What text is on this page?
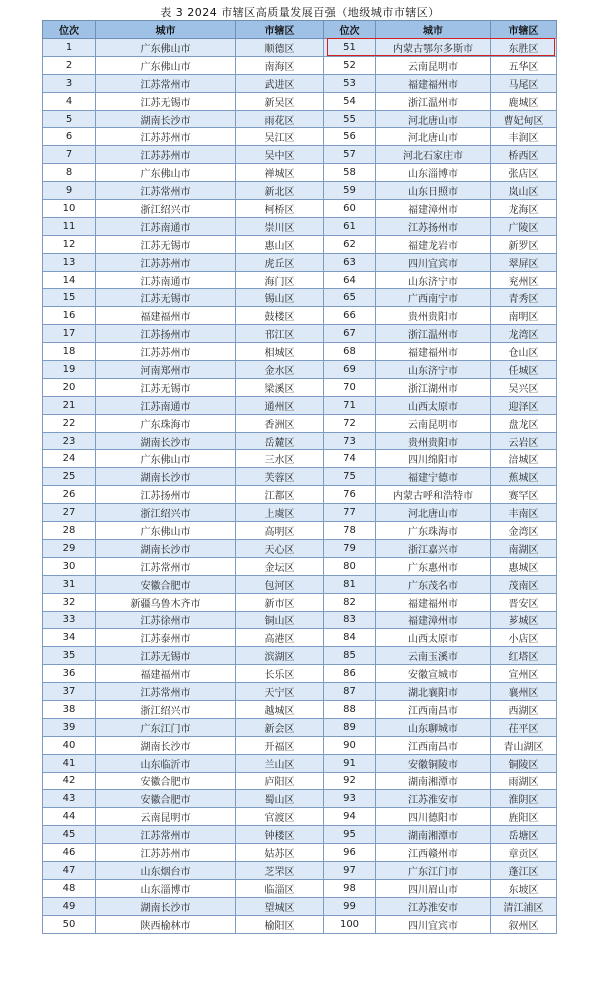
表 3 2024 市辖区高质量发展百强（地级城市市辖区）
位次	城市	市辖区	位次	城市	市辖区
1	广东佛山市	顺德区	51	内蒙古鄂尔多斯市	东胜区
2	广东佛山市	南海区	52	云南昆明市	五华区
3	江苏常州市	武进区	53	福建福州市	马尾区
4	江苏无锡市	新吴区	54	浙江温州市	鹿城区
5	湖南长沙市	雨花区	55	河北唐山市	曹妃甸区
6	江苏苏州市	吴江区	56	河北唐山市	丰润区
7	江苏苏州市	吴中区	57	河北石家庄市	桥西区
8	广东佛山市	禅城区	58	山东淄博市	张店区
9	江苏常州市	新北区	59	山东日照市	岚山区
10	浙江绍兴市	柯桥区	60	福建漳州市	龙海区
11	江苏南通市	崇川区	61	江苏扬州市	广陵区
12	江苏无锡市	惠山区	62	福建龙岩市	新罗区
13	江苏苏州市	虎丘区	63	四川宜宾市	翠屏区
14	江苏南通市	海门区	64	山东济宁市	兖州区
15	江苏无锡市	锡山区	65	广西南宁市	青秀区
16	福建福州市	鼓楼区	66	贵州贵阳市	南明区
17	江苏扬州市	邗江区	67	浙江温州市	龙湾区
18	江苏苏州市	相城区	68	福建福州市	仓山区
19	河南郑州市	金水区	69	山东济宁市	任城区
20	江苏无锡市	梁溪区	70	浙江湖州市	吴兴区
21	江苏南通市	通州区	71	山西太原市	迎泽区
22	广东珠海市	香洲区	72	云南昆明市	盘龙区
23	湖南长沙市	岳麓区	73	贵州贵阳市	云岩区
24	广东佛山市	三水区	74	四川绵阳市	涪城区
25	湖南长沙市	芙蓉区	75	福建宁德市	蕉城区
26	江苏扬州市	江都区	76	内蒙古呼和浩特市	赛罕区
27	浙江绍兴市	上虞区	77	河北唐山市	丰南区
28	广东佛山市	高明区	78	广东珠海市	金湾区
29	湖南长沙市	天心区	79	浙江嘉兴市	南湖区
30	江苏常州市	金坛区	80	广东惠州市	惠城区
31	安徽合肥市	包河区	81	广东茂名市	茂南区
32	新疆乌鲁木齐市	新市区	82	福建福州市	晋安区
33	江苏徐州市	铜山区	83	福建漳州市	芗城区
34	江苏泰州市	高港区	84	山西太原市	小店区
35	江苏无锡市	滨湖区	85	云南玉溪市	红塔区
36	福建福州市	长乐区	86	安徽宣城市	宣州区
37	江苏常州市	天宁区	87	湖北襄阳市	襄州区
38	浙江绍兴市	越城区	88	江西南昌市	西湖区
39	广东江门市	新会区	89	山东聊城市	茌平区
40	湖南长沙市	开福区	90	江西南昌市	青山湖区
41	山东临沂市	兰山区	91	安徽铜陵市	铜陵区
42	安徽合肥市	庐阳区	92	湖南湘潭市	雨湖区
43	安徽合肥市	蜀山区	93	江苏淮安市	淮阴区
44	云南昆明市	官渡区	94	四川德阳市	旌阳区
45	江苏常州市	钟楼区	95	湖南湘潭市	岳塘区
46	江苏苏州市	姑苏区	96	江西赣州市	章贡区
47	山东烟台市	芝罘区	97	广东江门市	蓬江区
48	山东淄博市	临淄区	98	四川眉山市	东坡区
49	湖南长沙市	望城区	99	江苏淮安市	清江浦区
50	陕西榆林市	榆阳区	100	四川宜宾市	叙州区
